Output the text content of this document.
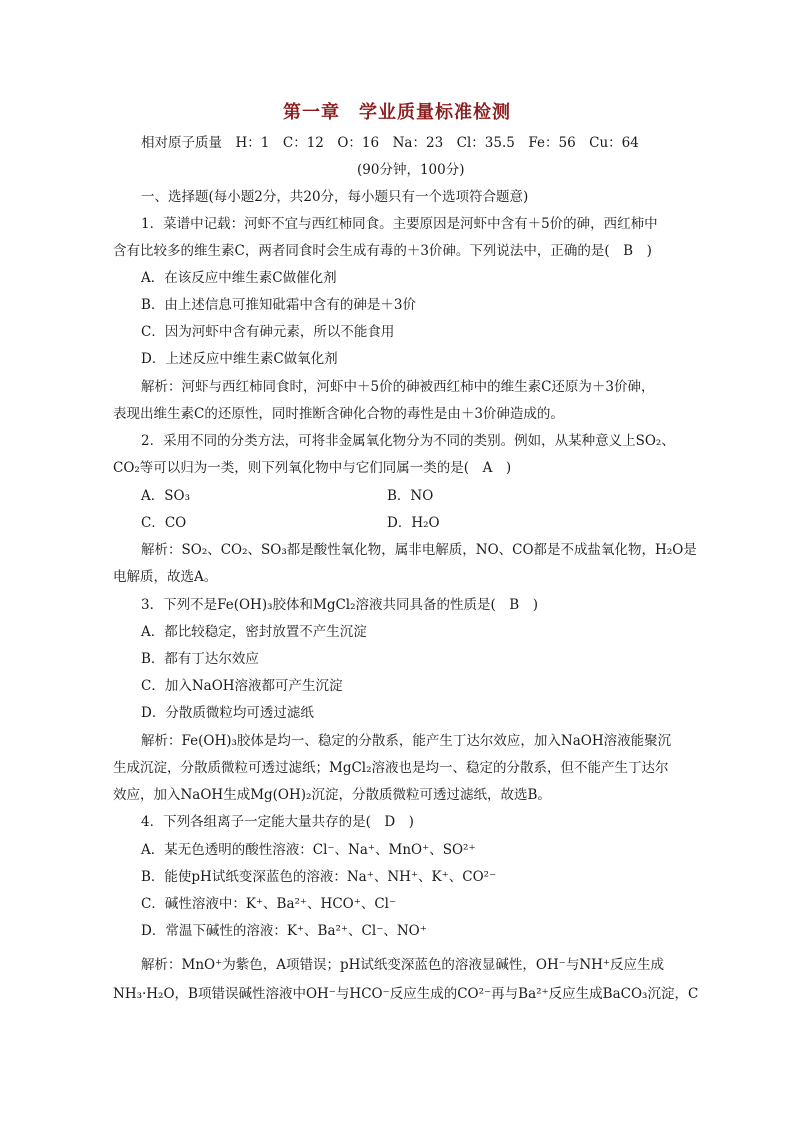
第一章　学业质量标准检测
相对原子质量　H：1　C：12　O：16　Na：23　Cl：35.5　Fe：56　Cu：64
(90分钟，100分)
一、选择题(每小题2分，共20分，每小题只有一个选项符合题意)
1．菜谱中记载：河虾不宜与西红柿同食。主要原因是河虾中含有＋5价的砷，西红柿中
含有比较多的维生素C，两者同食时会生成有毒的＋3价砷。下列说法中，正确的是(　B　)
A．在该反应中维生素C做催化剂
B．由上述信息可推知砒霜中含有的砷是＋3价
C．因为河虾中含有砷元素，所以不能食用
D．上述反应中维生素C做氧化剂
解析：河虾与西红柿同食时，河虾中＋5价的砷被西红柿中的维生素C还原为＋3价砷，
表现出维生素C的还原性，同时推断含砷化合物的毒性是由＋3价砷造成的。
2．采用不同的分类方法，可将非金属氧化物分为不同的类别。例如，从某种意义上SO₂、
CO₂等可以归为一类，则下列氧化物中与它们同属一类的是(　A　)
A．SO₃	B．NO
C．CO	D．H₂O
解析：SO₂、CO₂、SO₃都是酸性氧化物，属非电解质，NO、CO都是不成盐氧化物，H₂O是
电解质，故选A。
3．下列不是Fe(OH)₃胶体和MgCl₂溶液共同具备的性质是(　B　)
A．都比较稳定，密封放置不产生沉淀
B．都有丁达尔效应
C．加入NaOH溶液都可产生沉淀
D．分散质微粒均可透过滤纸
解析：Fe(OH)₃胶体是均一、稳定的分散系，能产生丁达尔效应，加入NaOH溶液能聚沉
生成沉淀，分散质微粒可透过滤纸；MgCl₂溶液也是均一、稳定的分散系，但不能产生丁达尔
效应，加入NaOH生成Mg(OH)₂沉淀，分散质微粒可透过滤纸，故选B。
4．下列各组离子一定能大量共存的是(　D　)
A．某无色透明的酸性溶液：Cl⁻、Na⁺、MnO⁺、SO²⁺
B．能使pH试纸变深蓝色的溶液：Na⁺、NH⁺、K⁺、CO²⁻
C．碱性溶液中：K⁺、Ba²⁺、HCO⁺、Cl⁻
D．常温下碱性的溶液：K⁺、Ba²⁺、Cl⁻、NO⁺
解析：MnO⁺为紫色，A项错误；pH试纸变深蓝色的溶液显碱性，OH⁻与NH⁺反应生成
NH₃·H₂O，B项错误碱性溶液中OH⁻与HCO⁻反应生成的CO²⁻再与Ba²⁺反应生成BaCO₃沉淀，C
